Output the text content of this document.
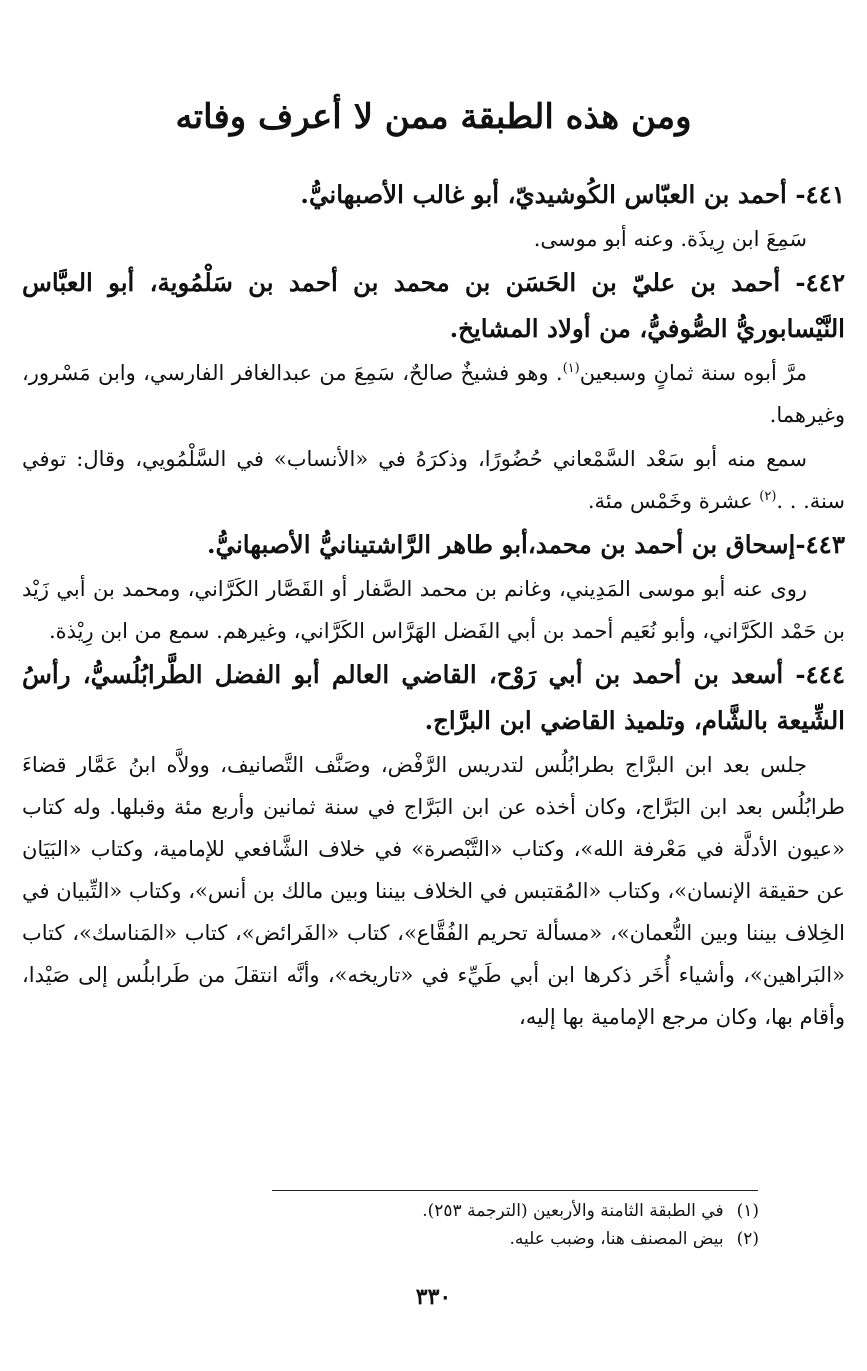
ومن هذه الطبقة ممن لا أعرف وفاته

٤٤١- أحمد بن العبّاس الكُوشيديّ، أبو غالب الأصبهانيُّ.

سَمِعَ ابن رِيذَة. وعنه أبو موسى.

٤٤٢- أحمد بن عليّ بن الحَسَن بن محمد بن أحمد بن سَلْمُوية، أبو العبَّاس النَّيْسابوريُّ الصُّوفيُّ، من أولاد المشايخ.

مرَّ أبوه سنة ثمانٍ وسبعين$^{(١)}$. وهو فشيخٌ صالحٌ، سَمِعَ من عبدالغافر الفارسي، وابن مَسْرور، وغيرهما.

سمع منه أبو سَعْد السَّمْعاني حُضُورًا، وذكرَهُ في «الأنساب» في السَّلْمُويي، وقال: توفي سنة. . .$^{(٢)}$ عشرة وخَمْس مئة.

٤٤٣-إسحاق بن أحمد بن محمد،أبو طاهر الرَّاشتينانيُّ الأصبهانيُّ.

روى عنه أبو موسى المَدِيني، وغانم بن محمد الصَّفار أو القَصَّار الكَرَّاني، ومحمد بن أبي زَيْد بن حَمْد الكَرَّاني، وأبو نُعَيم أحمد بن أبي الفَضل الهَرَّاس الكَرَّاني، وغيرهم. سمع من ابن رِيْذة.

٤٤٤- أسعد بن أحمد بن أبي رَوْح، القاضي العالم أبو الفضل الطَّرابُلُسيُّ، رأسُ الشِّيعة بالشَّام، وتلميذ القاضي ابن البرَّاج.

جلس بعد ابن البرَّاج بطرابُلُس لتدريس الرَّفْض، وصَنَّف التَّصانيف، وولاَّه ابنُ عَمَّار قضاءَ طرابُلُس بعد ابن البَرَّاج، وكان أخذه عن ابن البَرَّاج في سنة ثمانين وأربع مئة وقبلها. وله كتاب «عيون الأدلَّة في مَعْرفة الله»، وكتاب «التَّبْصرة» في خلاف الشَّافعي للإمامية، وكتاب «البَيَان عن حقيقة الإنسان»، وكتاب «المُقتبس في الخلاف بيننا وبين مالك بن أنس»، وكتاب «التِّبيان في الخِلاف بيننا وبين النُّعمان»، «مسألة تحريم الفُقَّاع»، كتاب «الفَرائض»، كتاب «المَناسك»، كتاب «البَراهين»، وأشياء أُخَر ذكرها ابن أبي طَيِّء في «تاريخه»، وأنَّه انتقلَ من طَرابلُس إلى صَيْدا، وأقام بها، وكان مرجع الإمامية بها إليه،

(١) في الطبقة الثامنة والأربعين (الترجمة ٢٥٣).

(٢) بيض المصنف هنا، وضبب عليه.

٣٣٠
